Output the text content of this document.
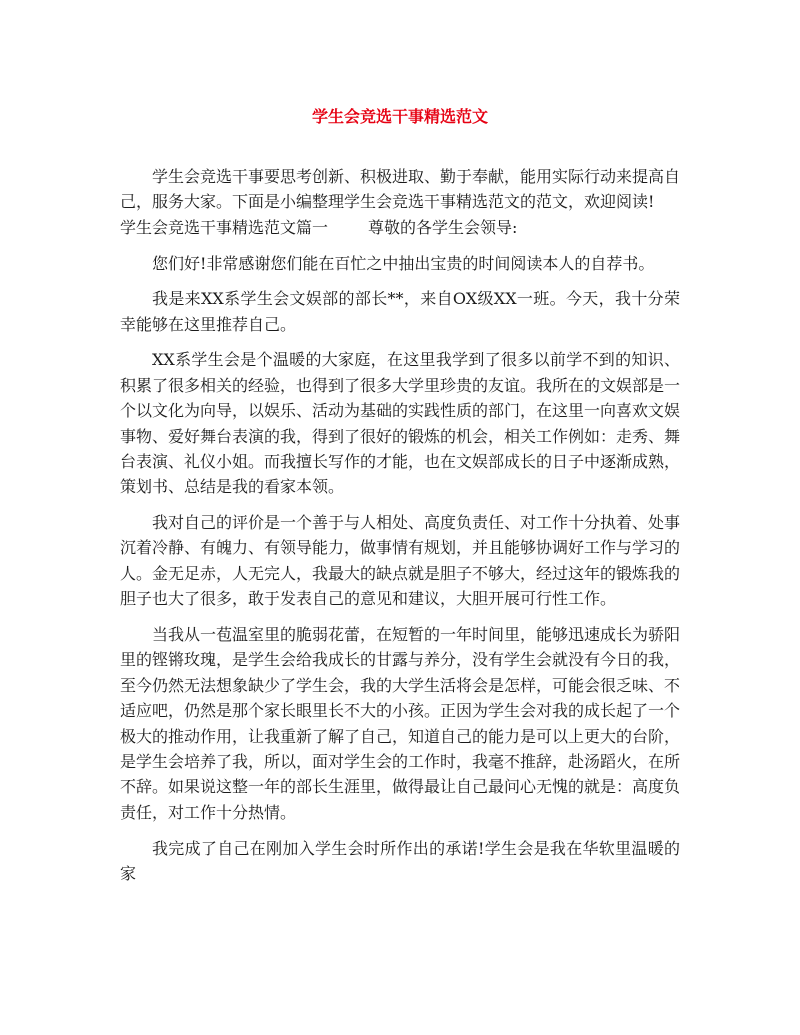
学生会竞选干事精选范文

学生会竞选干事要思考创新、积极进取、勤于奉献，能用实际行动来提高自己，服务大家。下面是小编整理学生会竞选干事精选范文的范文，欢迎阅读!

学生会竞选干事精选范文篇一	尊敬的各学生会领导:

您们好!非常感谢您们能在百忙之中抽出宝贵的时间阅读本人的自荐书。

我是来XX系学生会文娱部的部长**，来自OX级XX一班。今天，我十分荣幸能够在这里推荐自己。

XX系学生会是个温暖的大家庭，在这里我学到了很多以前学不到的知识、积累了很多相关的经验，也得到了很多大学里珍贵的友谊。我所在的文娱部是一个以文化为向导，以娱乐、活动为基础的实践性质的部门，在这里一向喜欢文娱事物、爱好舞台表演的我，得到了很好的锻炼的机会，相关工作例如：走秀、舞台表演、礼仪小姐。而我擅长写作的才能，也在文娱部成长的日子中逐渐成熟，策划书、总结是我的看家本领。

我对自己的评价是一个善于与人相处、高度负责任、对工作十分执着、处事沉着冷静、有魄力、有领导能力，做事情有规划，并且能够协调好工作与学习的人。金无足赤，人无完人，我最大的缺点就是胆子不够大，经过这年的锻炼我的胆子也大了很多，敢于发表自己的意见和建议，大胆开展可行性工作。

当我从一苞温室里的脆弱花蕾，在短暂的一年时间里，能够迅速成长为骄阳里的铿锵玫瑰，是学生会给我成长的甘露与养分，没有学生会就没有今日的我，至今仍然无法想象缺少了学生会，我的大学生活将会是怎样，可能会很乏味、不适应吧，仍然是那个家长眼里长不大的小孩。正因为学生会对我的成长起了一个极大的推动作用，让我重新了解了自己，知道自己的能力是可以上更大的台阶，是学生会培养了我，所以，面对学生会的工作时，我毫不推辞，赴汤蹈火，在所不辞。如果说这整一年的部长生涯里，做得最让自己最问心无愧的就是：高度负责任，对工作十分热情。

我完成了自己在刚加入学生会时所作出的承诺!学生会是我在华软里温暖的家
